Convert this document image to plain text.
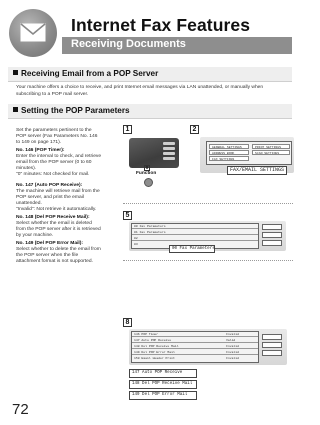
Internet Fax Features
Receiving Documents
Receiving Email from a POP Server
Your machine offers a choice to receive, and print Internet email messages via LAN unattended, or manually when subscribing to a POP mail server.
Setting the POP Parameters
Set the parameters pertinent to the
POP server (Fax Parameters No. 146
to 149 on page 171).
No. 146 (POP Timer):
Enter the interval to check, and retrieve
email from the POP server (0 to 60
minutes).
"0" minutes: Not checked for mail.
No. 147 (Auto POP Receive):
The machine will retrieve mail from the
POP server, and print the email
unattended.
"Invalid": Not retrieve it automatically.
No. 148 (Del POP Receive Mail):
Select whether the email is deleted
from the POP server after it is retrieved
by your machine.
No. 149 (Del POP Error Mail):
Select whether to delete the email from
the POP server when the file
attachment format is not supported.
1
8
Function
2
GENERAL SETTINGS
ADDRESS BOOK
FAX SETTINGS
PRINT SETTINGS
SCAN SETTINGS
FAX/EMAIL SETTINGS
5
00 Fax Parameters
01 Fax Parameters
02
03
00 Fax Parameters
8
146 POP Timer	Invalid
147 Auto POP Receive	Valid
148 Del POP Receive Mail	Invalid
149 Del POP Error Mail	Invalid
150 Email Header Print	Invalid
147 Auto POP Receive
148 Del POP Receive Mail
149 Del POP Error Mail
72
